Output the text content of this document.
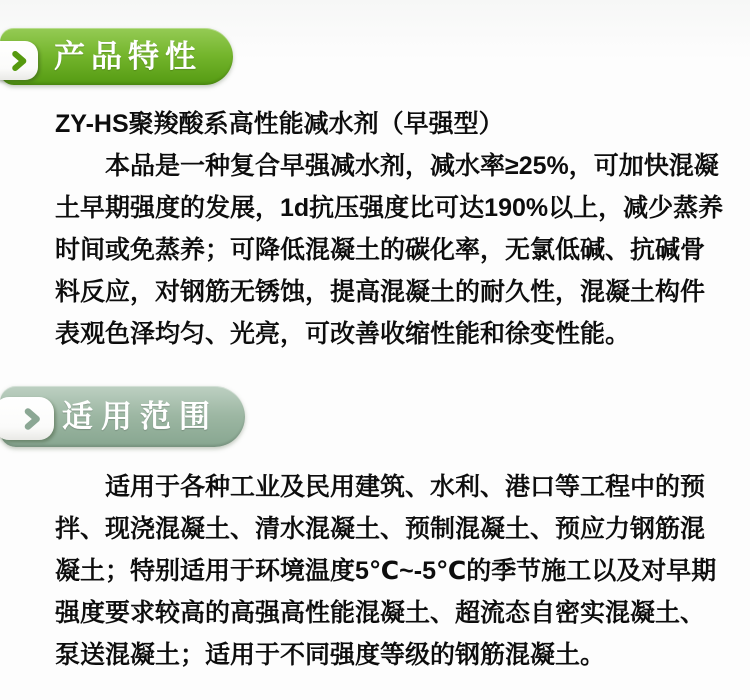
产品特性
ZY-HS聚羧酸系高性能减水剂（早强型）
本品是一种复合早强减水剂，减水率≥25%，可加快混凝
土早期强度的发展，1d抗压强度比可达190%以上，减少蒸养
时间或免蒸养；可降低混凝土的碳化率，无氯低碱、抗碱骨
料反应，对钢筋无锈蚀，提高混凝土的耐久性，混凝土构件
表观色泽均匀、光亮，可改善收缩性能和徐变性能。
适用范围
适用于各种工业及民用建筑、水利、港口等工程中的预
拌、现浇混凝土、清水混凝土、预制混凝土、预应力钢筋混
凝土；特别适用于环境温度5℃~-5℃的季节施工以及对早期
强度要求较高的高强高性能混凝土、超流态自密实混凝土、
泵送混凝土；适用于不同强度等级的钢筋混凝土。
